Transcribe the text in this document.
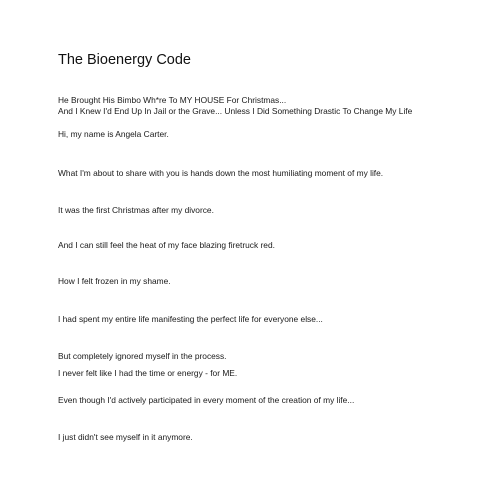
The Bioenergy Code
He Brought His Bimbo Wh*re To MY HOUSE For Christmas...
And I Knew I'd End Up In Jail or the Grave... Unless I Did Something Drastic To Change My Life
Hi, my name is Angela Carter.
What I'm about to share with you is hands down the most humiliating moment of my life.
It was the first Christmas after my divorce.
And I can still feel the heat of my face blazing firetruck red.
How I felt frozen in my shame.
I had spent my entire life manifesting the perfect life for everyone else...
But completely ignored myself in the process.
I never felt like I had the time or energy - for ME.
Even though I'd actively participated in every moment of the creation of my life...
I just didn't see myself in it anymore.
